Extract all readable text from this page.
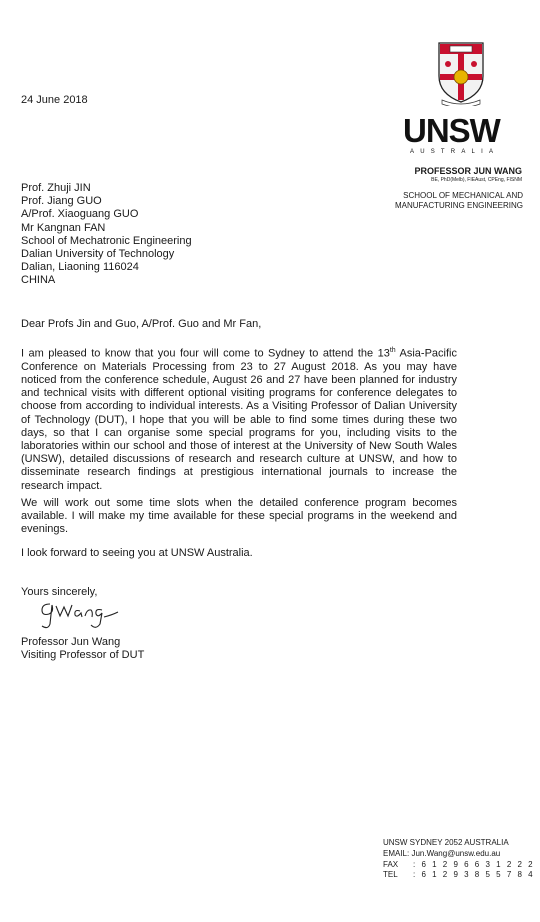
24 June 2018
UNSW
AUSTRALIA
PROFESSOR JUN WANG
BE, PhD(Melb), FIEAust, CPEng, FISNM
SCHOOL OF MECHANICAL AND
MANUFACTURING ENGINEERING
Prof. Zhuji JIN
Prof. Jiang GUO
A/Prof. Xiaoguang GUO
Mr Kangnan FAN
School of Mechatronic Engineering
Dalian University of Technology
Dalian, Liaoning 116024
CHINA
Dear Profs Jin and Guo, A/Prof. Guo and Mr Fan,
I am pleased to know that you four will come to Sydney to attend the 13th Asia-Pacific Conference on Materials Processing from 23 to 27 August 2018. As you may have noticed from the conference schedule, August 26 and 27 have been planned for industry and technical visits with different optional visiting programs for conference delegates to choose from according to individual interests. As a Visiting Professor of Dalian University of Technology (DUT), I hope that you will be able to find some times during these two days, so that I can organise some special programs for you, including visits to the laboratories within our school and those of interest at the University of New South Wales (UNSW), detailed discussions of research and research culture at UNSW, and how to disseminate research findings at prestigious international journals to increase the research impact.
We will work out some time slots when the detailed conference program becomes available. I will make my time available for these special programs in the weekend and evenings.
I look forward to seeing you at UNSW Australia.
Yours sincerely,
Professor Jun Wang
Visiting Professor of DUT
UNSW SYDNEY 2052 AUSTRALIA
EMAIL: Jun.Wang@unsw.edu.au
FAX : 6 1 2 9 6 6 3 1 2 2 2
TEL : 6 1 2 9 3 8 5 5 7 8 4
